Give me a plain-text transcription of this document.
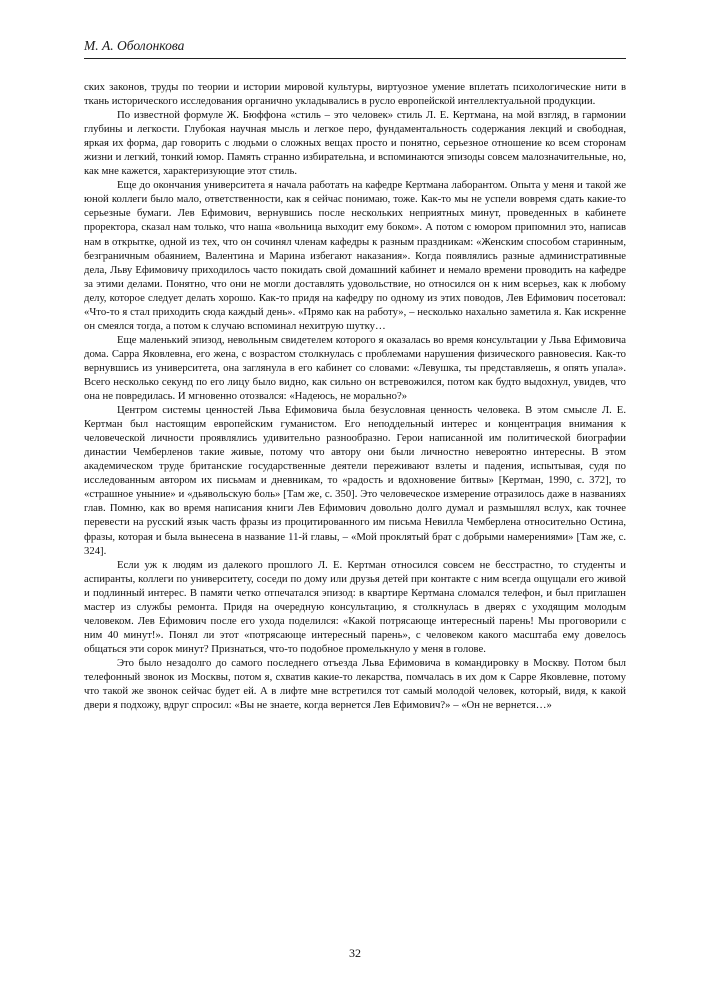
М. А. Оболонкова

ских законов, труды по теории и истории мировой культуры, виртуозное умение вплетать психологические нити в ткань исторического исследования органично укладывались в русло европейской интеллектуальной продукции.

По известной формуле Ж. Бюффона «стиль – это человек» стиль Л. Е. Кертмана, на мой взгляд, в гармонии глубины и легкости. Глубокая научная мысль и легкое перо, фундаментальность содержания лекций и свободная, яркая их форма, дар говорить с людьми о сложных вещах просто и понятно, серьезное отношение ко всем сторонам жизни и легкий, тонкий юмор. Память странно избирательна, и вспоминаются эпизоды совсем малозначительные, но, как мне кажется, характеризующие этот стиль.

Еще до окончания университета я начала работать на кафедре Кертмана лаборантом. Опыта у меня и такой же юной коллеги было мало, ответственности, как я сейчас понимаю, тоже. Как-то мы не успели вовремя сдать какие-то серьезные бумаги. Лев Ефимович, вернувшись после нескольких неприятных минут, проведенных в кабинете проректора, сказал нам только, что наша «вольница выходит ему боком». А потом с юмором припомнил это, написав нам в открытке, одной из тех, что он сочинял членам кафедры к разным праздникам: «Женским способом старинным, безграничным обаянием, Валентина и Марина избегают наказания». Когда появлялись разные административные дела, Льву Ефимовичу приходилось часто покидать свой домашний кабинет и немало времени проводить на кафедре за этими делами. Понятно, что они не могли доставлять удовольствие, но относился он к ним всерьез, как к любому делу, которое следует делать хорошо. Как-то придя на кафедру по одному из этих поводов, Лев Ефимович посетовал: «Что-то я стал приходить сюда каждый день». «Прямо как на работу», – несколько нахально заметила я. Как искренне он смеялся тогда, а потом к случаю вспоминал нехитрую шутку…

Еще маленький эпизод, невольным свидетелем которого я оказалась во время консультации у Льва Ефимовича дома. Сарра Яковлевна, его жена, с возрастом столкнулась с проблемами нарушения физического равновесия. Как-то вернувшись из университета, она заглянула в его кабинет со словами: «Левушка, ты представляешь, я опять упала». Всего несколько секунд по его лицу было видно, как сильно он встревожился, потом как будто выдохнул, увидев, что она не повредилась. И мгновенно отозвался: «Надеюсь, не морально?»

Центром системы ценностей Льва Ефимовича была безусловная ценность человека. В этом смысле Л. Е. Кертман был настоящим европейским гуманистом. Его неподдельный интерес и концентрация внимания к человеческой личности проявлялись удивительно разнообразно. Герои написанной им политической биографии династии Чемберленов такие живые, потому что автору они были личностно невероятно интересны. В этом академическом труде британские государственные деятели переживают взлеты и падения, испытывая, судя по исследованным автором их письмам и дневникам, то «радость и вдохновение битвы» [Кертман, 1990, с. 372], то «страшное уныние» и «дьявольскую боль» [Там же, с. 350]. Это человеческое измерение отразилось даже в названиях глав. Помню, как во время написания книги Лев Ефимович довольно долго думал и размышлял вслух, как точнее перевести на русский язык часть фразы из процитированного им письма Невилла Чемберлена относительно Остина, фразы, которая и была вынесена в название 11-й главы, – «Мой проклятый брат с добрыми намерениями» [Там же, с. 324].

Если уж к людям из далекого прошлого Л. Е. Кертман относился совсем не бесстрастно, то студенты и аспиранты, коллеги по университету, соседи по дому или друзья детей при контакте с ним всегда ощущали его живой и подлинный интерес. В памяти четко отпечатался эпизод: в квартире Кертмана сломался телефон, и был приглашен мастер из службы ремонта. Придя на очередную консультацию, я столкнулась в дверях с уходящим молодым человеком. Лев Ефимович после его ухода поделился: «Какой потрясающе интересный парень! Мы проговорили с ним 40 минут!». Понял ли этот «потрясающе интересный парень», с человеком какого масштаба ему довелось общаться эти сорок минут? Признаться, что-то подобное промелькнуло у меня в голове.

Это было незадолго до самого последнего отъезда Льва Ефимовича в командировку в Москву. Потом был телефонный звонок из Москвы, потом я, схватив какие-то лекарства, помчалась в их дом к Сарре Яковлевне, потому что такой же звонок сейчас будет ей. А в лифте мне встретился тот самый молодой человек, который, видя, к какой двери я подхожу, вдруг спросил: «Вы не знаете, когда вернется Лев Ефимович?» – «Он не вернется…»

32
